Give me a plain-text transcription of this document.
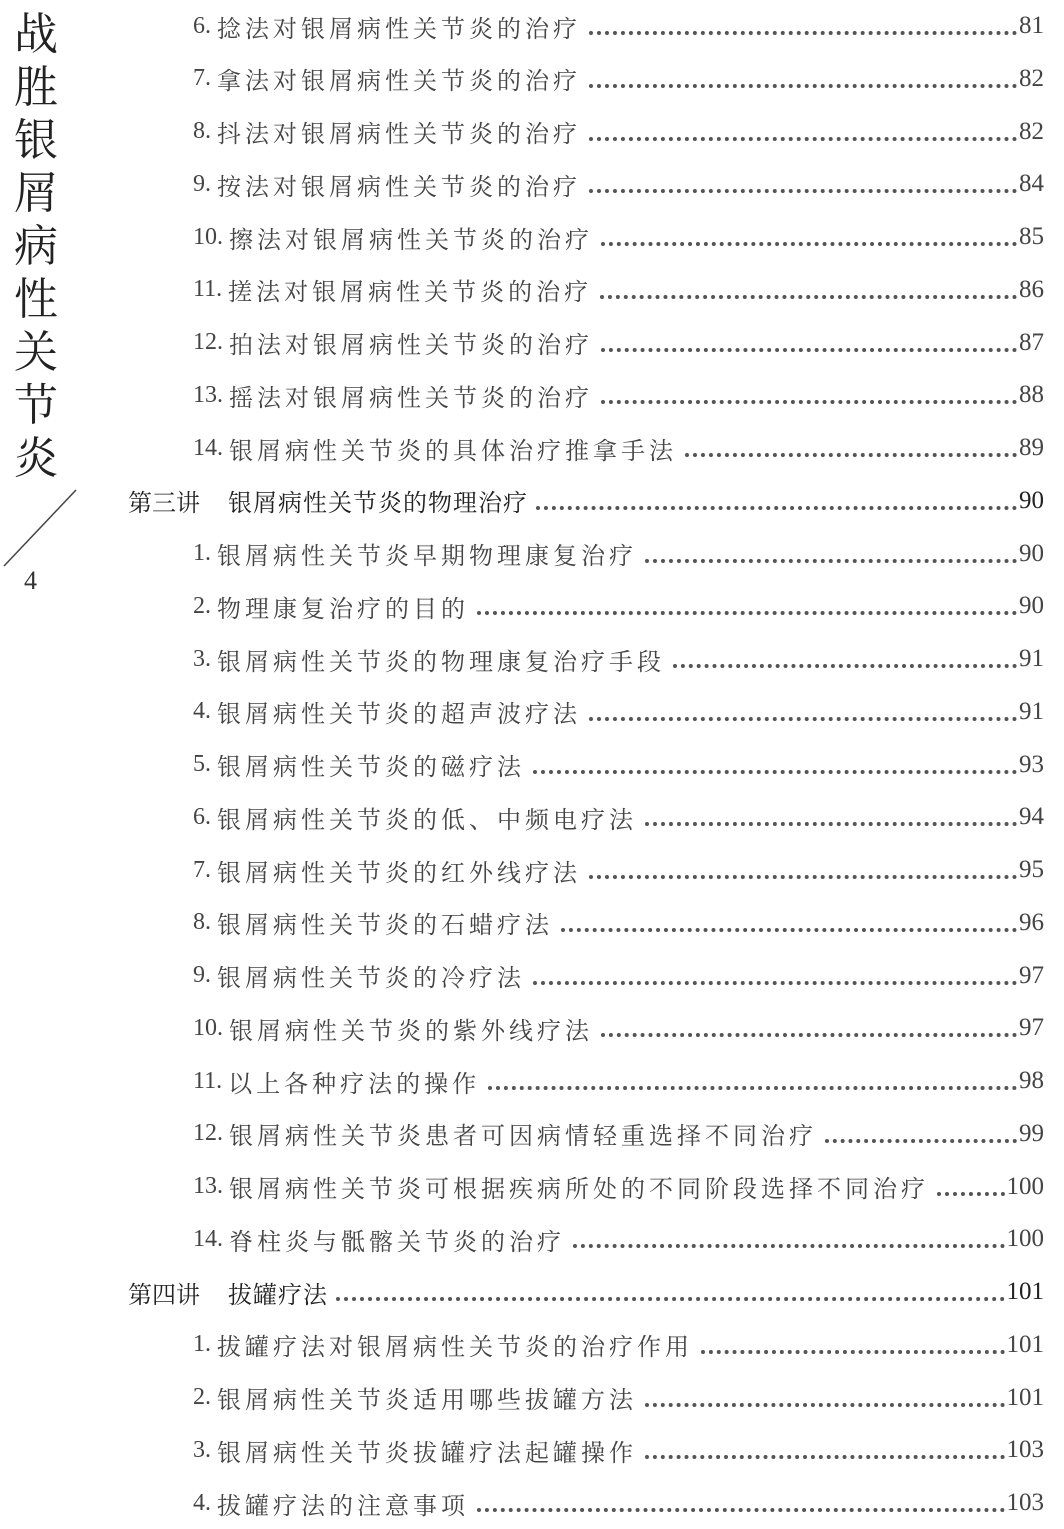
战
胜
银
屑
病
性
关
节
炎
4
6. 捻法对银屑病性关节炎的治疗	81
7. 拿法对银屑病性关节炎的治疗	82
8. 抖法对银屑病性关节炎的治疗	82
9. 按法对银屑病性关节炎的治疗	84
10. 擦法对银屑病性关节炎的治疗	85
11. 搓法对银屑病性关节炎的治疗	86
12. 拍法对银屑病性关节炎的治疗	87
13. 摇法对银屑病性关节炎的治疗	88
14. 银屑病性关节炎的具体治疗推拿手法	89
第三讲 银屑病性关节炎的物理治疗	90
1. 银屑病性关节炎早期物理康复治疗	90
2. 物理康复治疗的目的	90
3. 银屑病性关节炎的物理康复治疗手段	91
4. 银屑病性关节炎的超声波疗法	91
5. 银屑病性关节炎的磁疗法	93
6. 银屑病性关节炎的低、中频电疗法	94
7. 银屑病性关节炎的红外线疗法	95
8. 银屑病性关节炎的石蜡疗法	96
9. 银屑病性关节炎的冷疗法	97
10. 银屑病性关节炎的紫外线疗法	97
11. 以上各种疗法的操作	98
12. 银屑病性关节炎患者可因病情轻重选择不同治疗	99
13. 银屑病性关节炎可根据疾病所处的不同阶段选择不同治疗	100
14. 脊柱炎与骶髂关节炎的治疗	100
第四讲 拔罐疗法	101
1. 拔罐疗法对银屑病性关节炎的治疗作用	101
2. 银屑病性关节炎适用哪些拔罐方法	101
3. 银屑病性关节炎拔罐疗法起罐操作	103
4. 拔罐疗法的注意事项	103
